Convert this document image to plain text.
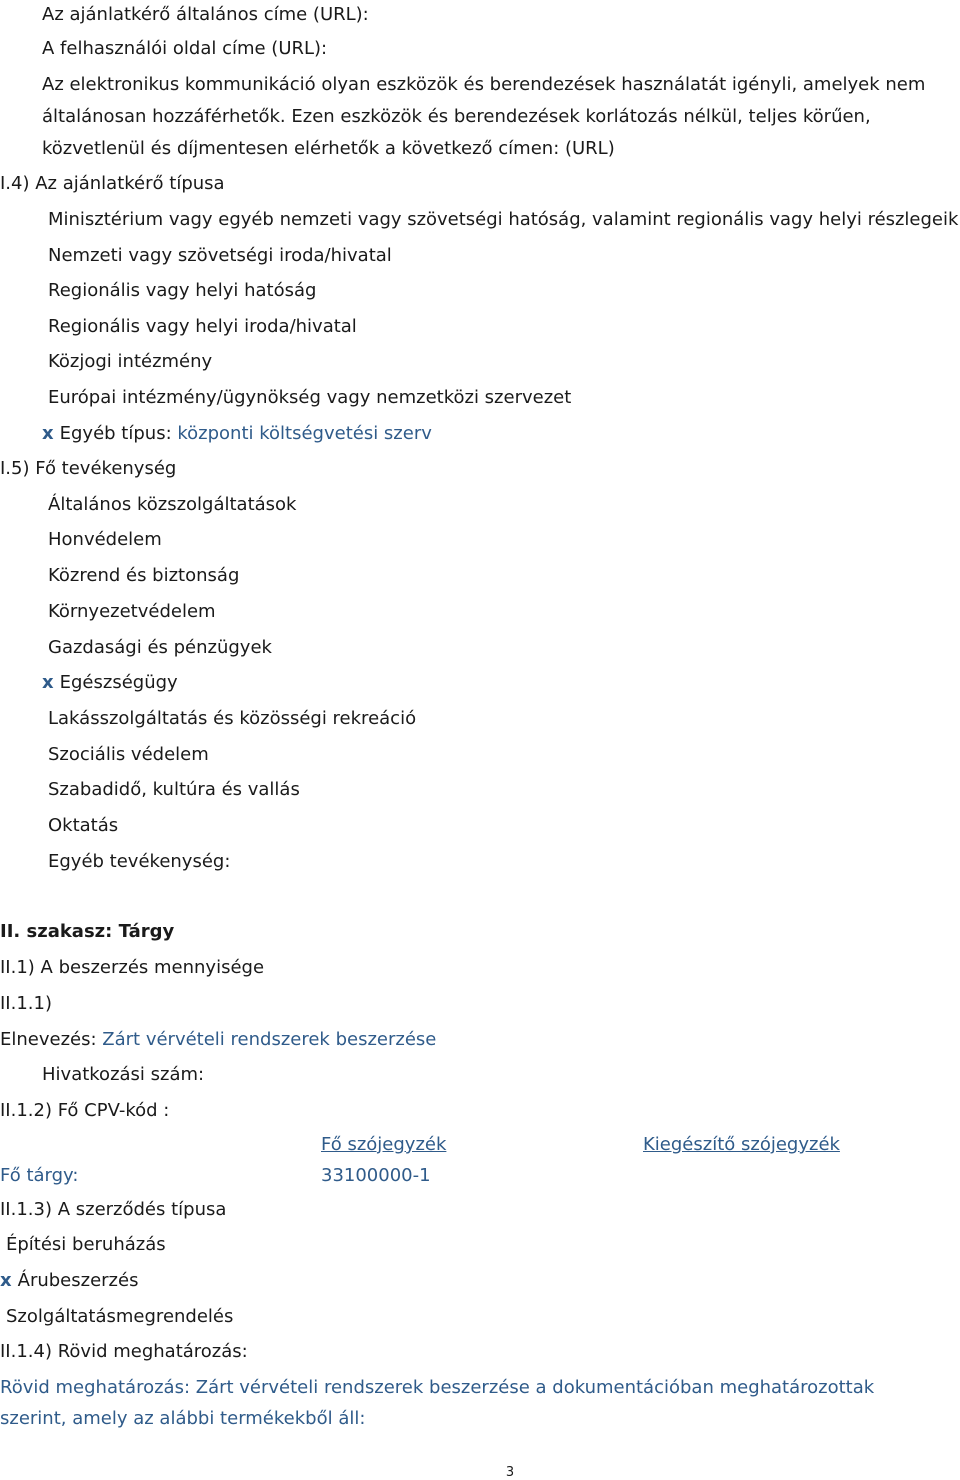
Az ajánlatkérő általános címe (URL):
A felhasználói oldal címe (URL):
Az elektronikus kommunikáció olyan eszközök és berendezések használatát igényli, amelyek nem
általánosan hozzáférhetők. Ezen eszközök és berendezések korlátozás nélkül, teljes körűen,
közvetlenül és díjmentesen elérhetők a következő címen: (URL)
I.4) Az ajánlatkérő típusa
Minisztérium vagy egyéb nemzeti vagy szövetségi hatóság, valamint regionális vagy helyi részlegeik
Nemzeti vagy szövetségi iroda/hivatal
Regionális vagy helyi hatóság
Regionális vagy helyi iroda/hivatal
Közjogi intézmény
Európai intézmény/ügynökség vagy nemzetközi szervezet
x Egyéb típus: központi költségvetési szerv
I.5) Fő tevékenység
Általános közszolgáltatások
Honvédelem
Közrend és biztonság
Környezetvédelem
Gazdasági és pénzügyek
x Egészségügy
Lakásszolgáltatás és közösségi rekreáció
Szociális védelem
Szabadidő, kultúra és vallás
Oktatás
Egyéb tevékenység:
II. szakasz: Tárgy
II.1) A beszerzés mennyisége
II.1.1)
Elnevezés: Zárt vérvételi rendszerek beszerzése
Hivatkozási szám:
II.1.2) Fő CPV-kód :
Fő szójegyzék	Kiegészítő szójegyzék
Fő tárgy:	33100000-1
II.1.3) A szerződés típusa
Építési beruházás
x Árubeszerzés
Szolgáltatásmegrendelés
II.1.4) Rövid meghatározás:
Rövid meghatározás: Zárt vérvételi rendszerek beszerzése a dokumentációban meghatározottak
szerint, amely az alábbi termékekből áll:
3
